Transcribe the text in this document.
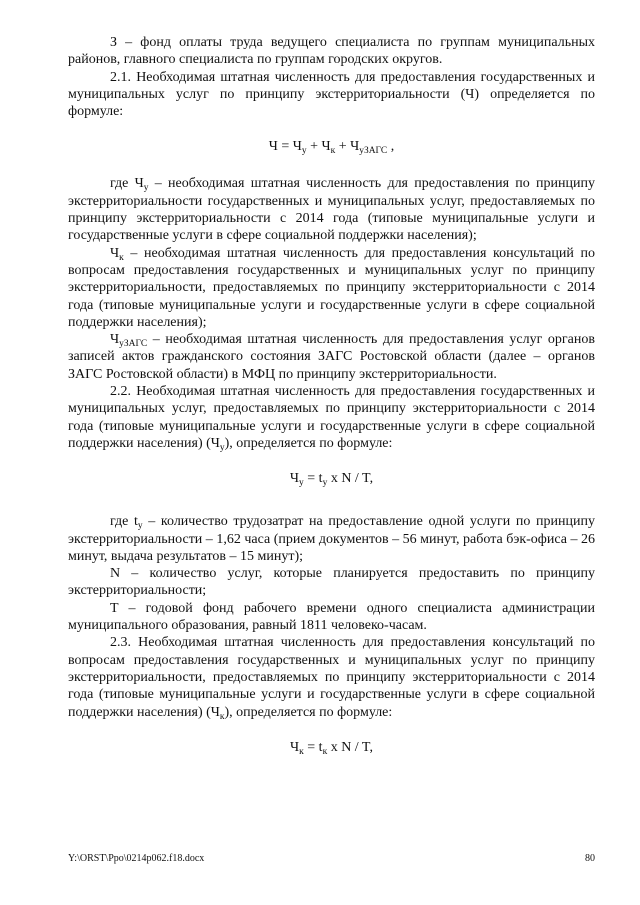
З – фонд оплаты труда ведущего специалиста по группам муниципальных районов, главного специалиста по группам городских округов.

2.1. Необходимая штатная численность для предоставления государственных и муниципальных услуг по принципу экстерриториальности (Ч) определяется по формуле:

$Ч = Ч_у + Ч_к + Ч_{уЗАГС}$ ,

где $Ч_у$ – необходимая штатная численность для предоставления по принципу экстерриториальности государственных и муниципальных услуг, предоставляемых по принципу экстерриториальности с 2014 года (типовые муниципальные услуги и государственные услуги в сфере социальной поддержки населения);

$Ч_к$ – необходимая штатная численность для предоставления консультаций по вопросам предоставления государственных и муниципальных услуг по принципу экстерриториальности, предоставляемых по принципу экстерриториальности с 2014 года (типовые муниципальные услуги и государственные услуги в сфере социальной поддержки населения);

$Ч_{уЗАГС}$ – необходимая штатная численность для предоставления услуг органов записей актов гражданского состояния ЗАГС Ростовской области (далее – органов ЗАГС Ростовской области) в МФЦ по принципу экстерриториальности.

2.2. Необходимая штатная численность для предоставления государственных и муниципальных услуг, предоставляемых по принципу экстерриториальности с 2014 года (типовые муниципальные услуги и государственные услуги в сфере социальной поддержки населения) $(Ч_у)$, определяется по формуле:

$Ч_у = t_у$ x N / T,

где $t_у$ – количество трудозатрат на предоставление одной услуги по принципу экстерриториальности – 1,62 часа (прием документов – 56 минут, работа бэк-офиса – 26 минут, выдача результатов – 15 минут);

N – количество услуг, которые планируется предоставить по принципу экстерриториальности;

T – годовой фонд рабочего времени одного специалиста администрации муниципального образования, равный 1811 человеко-часам.

2.3. Необходимая штатная численность для предоставления консультаций по вопросам предоставления государственных и муниципальных услуг по принципу экстерриториальности, предоставляемых по принципу экстерриториальности с 2014 года (типовые муниципальные услуги и государственные услуги в сфере социальной поддержки населения) $(Ч_к)$, определяется по формуле:

$Ч_к = t_к$ x N / T,

Y:\ORST\Ppo\0214p062.f18.docx	80
